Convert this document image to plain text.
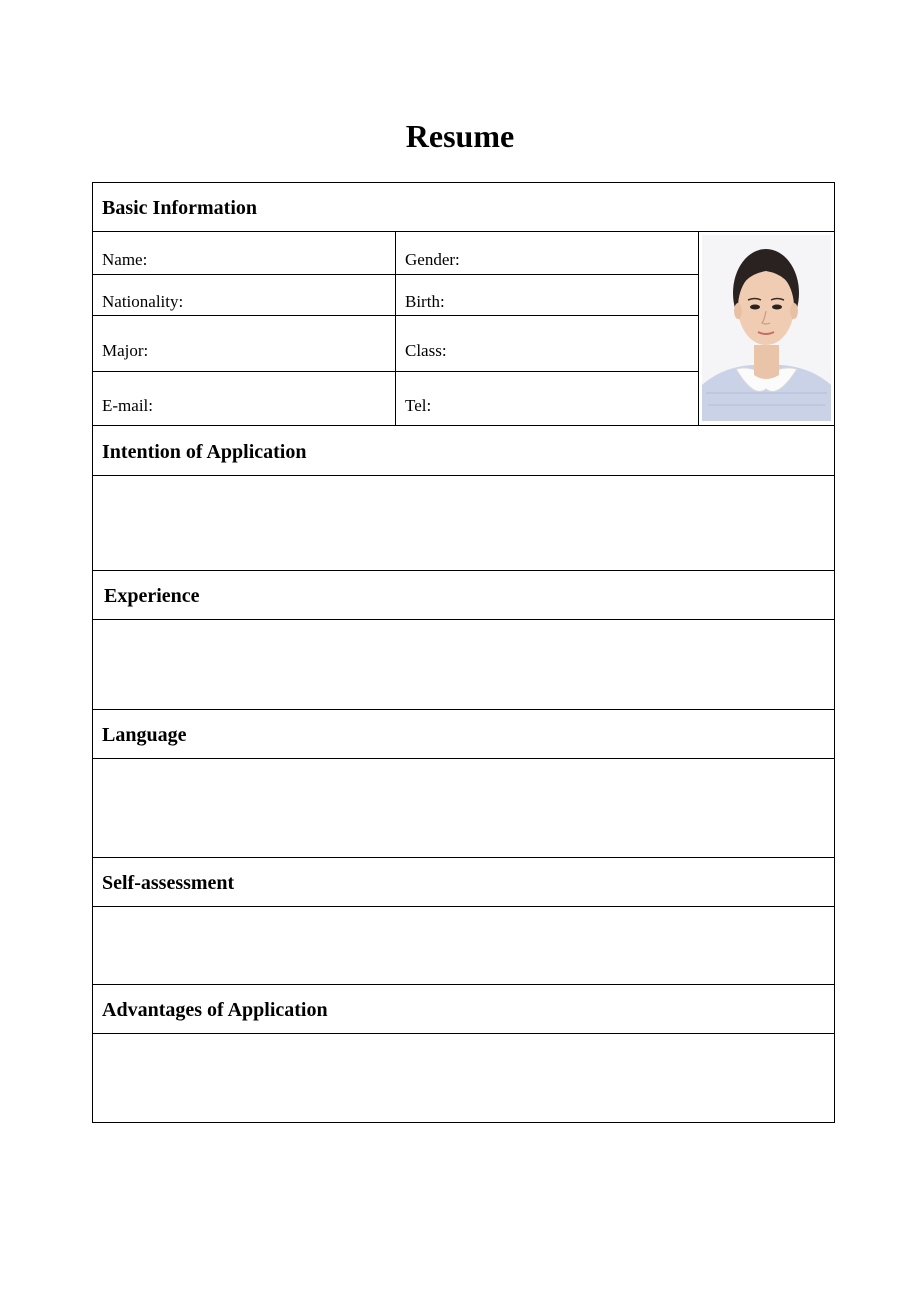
Resume
Basic Information
Name:	Gender:
Nationality:	Birth:
Major:	Class:
E-mail:	Tel:
Intention of Application
Experience
Language
Self-assessment
Advantages of Application
